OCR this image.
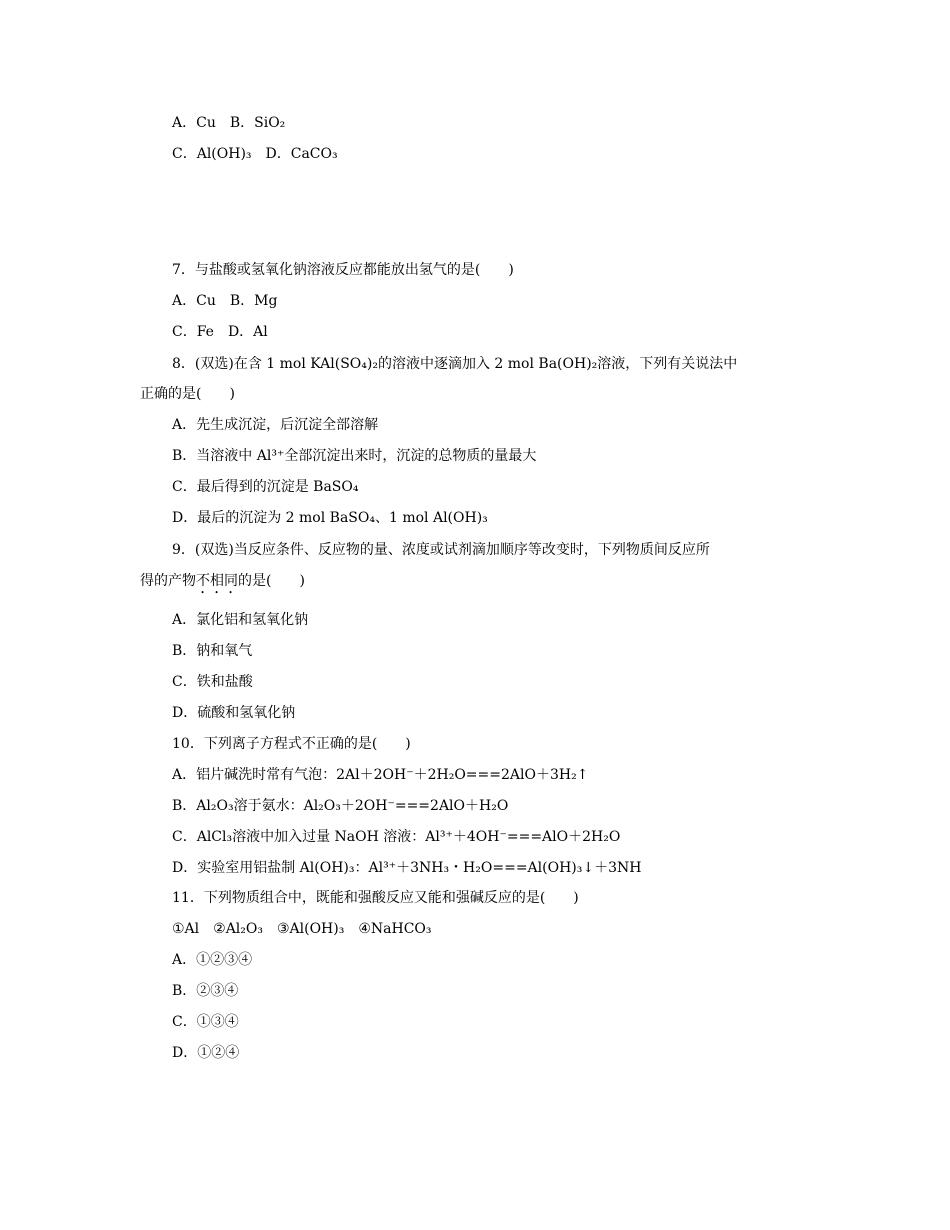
A．Cu　B．SiO₂
C．Al(OH)₃　D．CaCO₃
7．与盐酸或氢氧化钠溶液反应都能放出氢气的是(　　)
A．Cu　B．Mg
C．Fe　D．Al
8．(双选)在含 1 mol KAl(SO₄)₂的溶液中逐滴加入 2 mol Ba(OH)₂溶液，下列有关说法中
正确的是(　　)
A．先生成沉淀，后沉淀全部溶解
B．当溶液中 Al³⁺全部沉淀出来时，沉淀的总物质的量最大
C．最后得到的沉淀是 BaSO₄
D．最后的沉淀为 2 mol BaSO₄、1 mol Al(OH)₃
9．(双选)当反应条件、反应物的量、浓度或试剂滴加顺序等改变时，下列物质间反应所
得的产物不相同的是(　　)
A．氯化铝和氢氧化钠
B．钠和氧气
C．铁和盐酸
D．硫酸和氢氧化钠
10．下列离子方程式不正确的是(　　)
A．铝片碱洗时常有气泡：2Al＋2OH⁻＋2H₂O===2AlO＋3H₂↑
B．Al₂O₃溶于氨水：Al₂O₃＋2OH⁻===2AlO＋H₂O
C．AlCl₃溶液中加入过量 NaOH 溶液：Al³⁺＋4OH⁻===AlO＋2H₂O
D．实验室用铝盐制 Al(OH)₃：Al³⁺＋3NH₃・H₂O===Al(OH)₃↓＋3NH
11．下列物质组合中，既能和强酸反应又能和强碱反应的是(　　)
①Al　②Al₂O₃　③Al(OH)₃　④NaHCO₃
A．①②③④
B．②③④
C．①③④
D．①②④
